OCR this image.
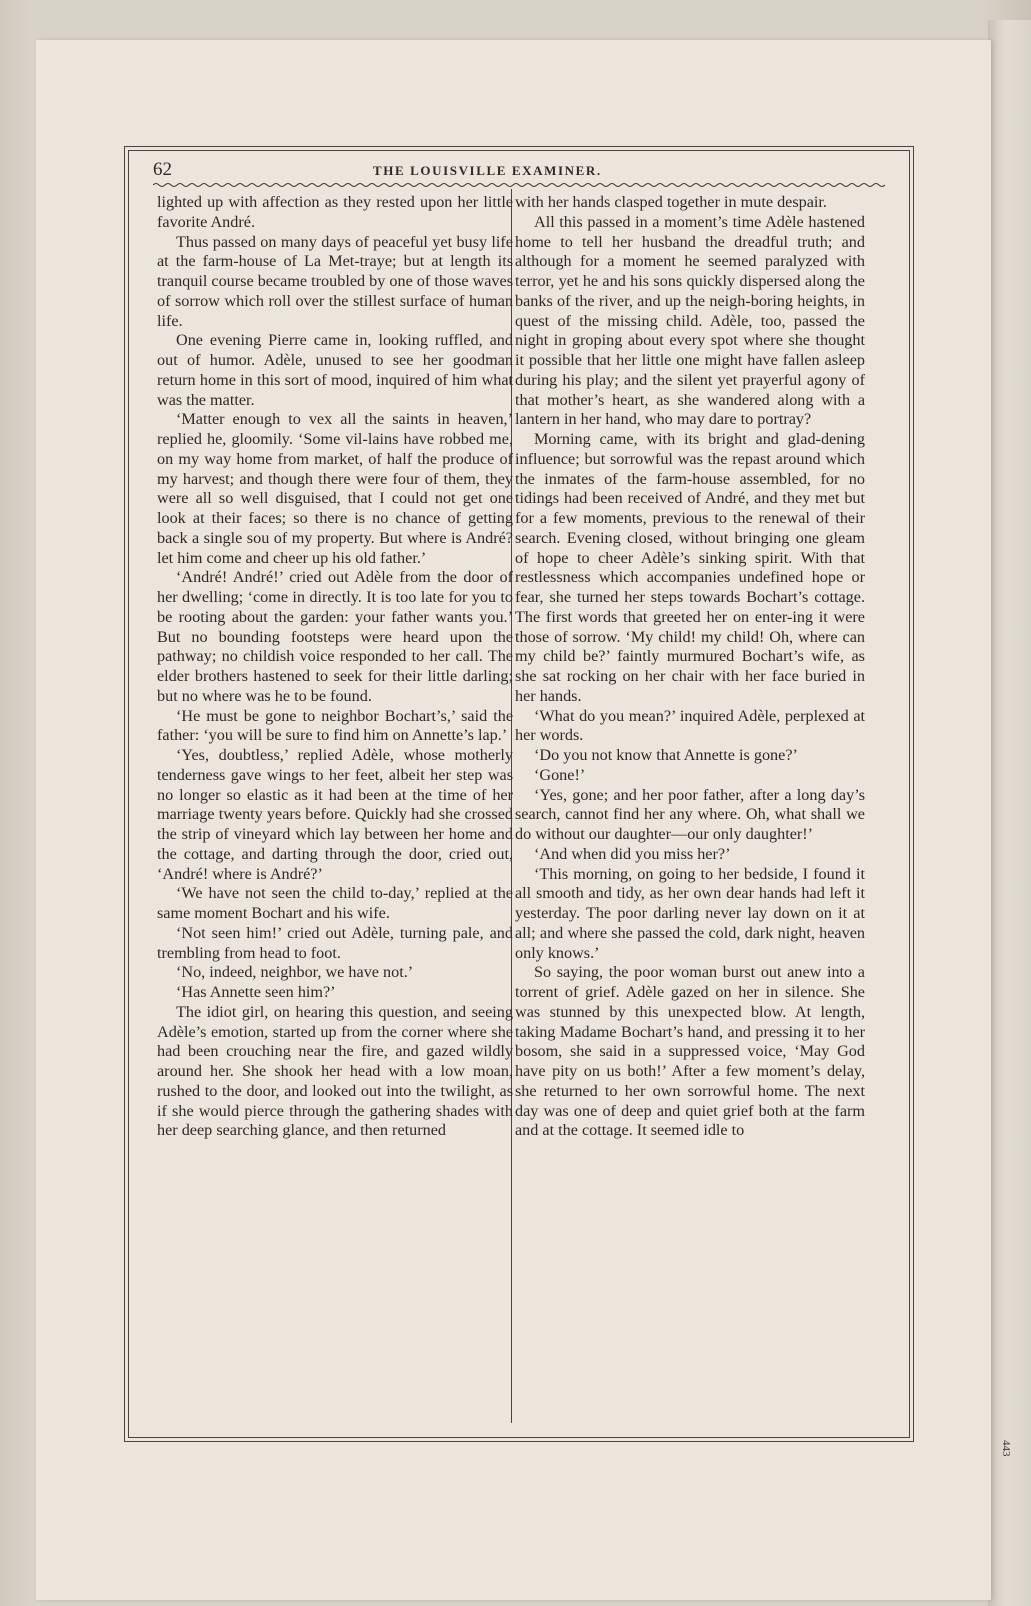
62	THE LOUISVILLE EXAMINER.

lighted up with affection as they rested upon her little favorite André.

Thus passed on many days of peaceful yet busy life at the farm-house of La Met-traye; but at length its tranquil course became troubled by one of those waves of sorrow which roll over the stillest surface of human life.

One evening Pierre came in, looking ruffled, and out of humor. Adèle, unused to see her goodman return home in this sort of mood, inquired of him what was the matter.

‘Matter enough to vex all the saints in heaven,’ replied he, gloomily. ‘Some vil-lains have robbed me, on my way home from market, of half the produce of my harvest; and though there were four of them, they were all so well disguised, that I could not get one look at their faces; so there is no chance of getting back a single sou of my property. But where is André? let him come and cheer up his old father.’

‘André! André!’ cried out Adèle from the door of her dwelling; ‘come in directly. It is too late for you to be rooting about the garden: your father wants you.’ But no bounding footsteps were heard upon the pathway; no childish voice responded to her call. The elder brothers hastened to seek for their little darling; but no where was he to be found.

‘He must be gone to neighbor Bochart’s,’ said the father: ‘you will be sure to find him on Annette’s lap.’

‘Yes, doubtless,’ replied Adèle, whose motherly tenderness gave wings to her feet, albeit her step was no longer so elastic as it had been at the time of her marriage twenty years before. Quickly had she crossed the strip of vineyard which lay between her home and the cottage, and darting through the door, cried out, ‘André! where is André?’

‘We have not seen the child to-day,’ replied at the same moment Bochart and his wife.

‘Not seen him!’ cried out Adèle, turning pale, and trembling from head to foot.

‘No, indeed, neighbor, we have not.’

‘Has Annette seen him?’

The idiot girl, on hearing this question, and seeing Adèle’s emotion, started up from the corner where she had been crouching near the fire, and gazed wildly around her. She shook her head with a low moan, rushed to the door, and looked out into the twilight, as if she would pierce through the gathering shades with her deep searching glance, and then returned

with her hands clasped together in mute despair.

All this passed in a moment’s time Adèle hastened home to tell her husband the dreadful truth; and although for a moment he seemed paralyzed with terror, yet he and his sons quickly dispersed along the banks of the river, and up the neigh-boring heights, in quest of the missing child. Adèle, too, passed the night in groping about every spot where she thought it possible that her little one might have fallen asleep during his play; and the silent yet prayerful agony of that mother’s heart, as she wandered along with a lantern in her hand, who may dare to portray?

Morning came, with its bright and glad-dening influence; but sorrowful was the repast around which the inmates of the farm-house assembled, for no tidings had been received of André, and they met but for a few moments, previous to the renewal of their search. Evening closed, without bringing one gleam of hope to cheer Adèle’s sinking spirit. With that restlessness which accompanies undefined hope or fear, she turned her steps towards Bochart’s cottage. The first words that greeted her on enter-ing it were those of sorrow. ‘My child! my child! Oh, where can my child be?’ faintly murmured Bochart’s wife, as she sat rocking on her chair with her face buried in her hands.

‘What do you mean?’ inquired Adèle, perplexed at her words.

‘Do you not know that Annette is gone?’

‘Gone!’

‘Yes, gone; and her poor father, after a long day’s search, cannot find her any where. Oh, what shall we do without our daughter—our only daughter!’

‘And when did you miss her?’

‘This morning, on going to her bedside, I found it all smooth and tidy, as her own dear hands had left it yesterday. The poor darling never lay down on it at all; and where she passed the cold, dark night, heaven only knows.’

So saying, the poor woman burst out anew into a torrent of grief. Adèle gazed on her in silence. She was stunned by this unexpected blow. At length, taking Madame Bochart’s hand, and pressing it to her bosom, she said in a suppressed voice, ‘May God have pity on us both!’ After a few moment’s delay, she returned to her own sorrowful home. The next day was one of deep and quiet grief both at the farm and at the cottage. It seemed idle to

443
